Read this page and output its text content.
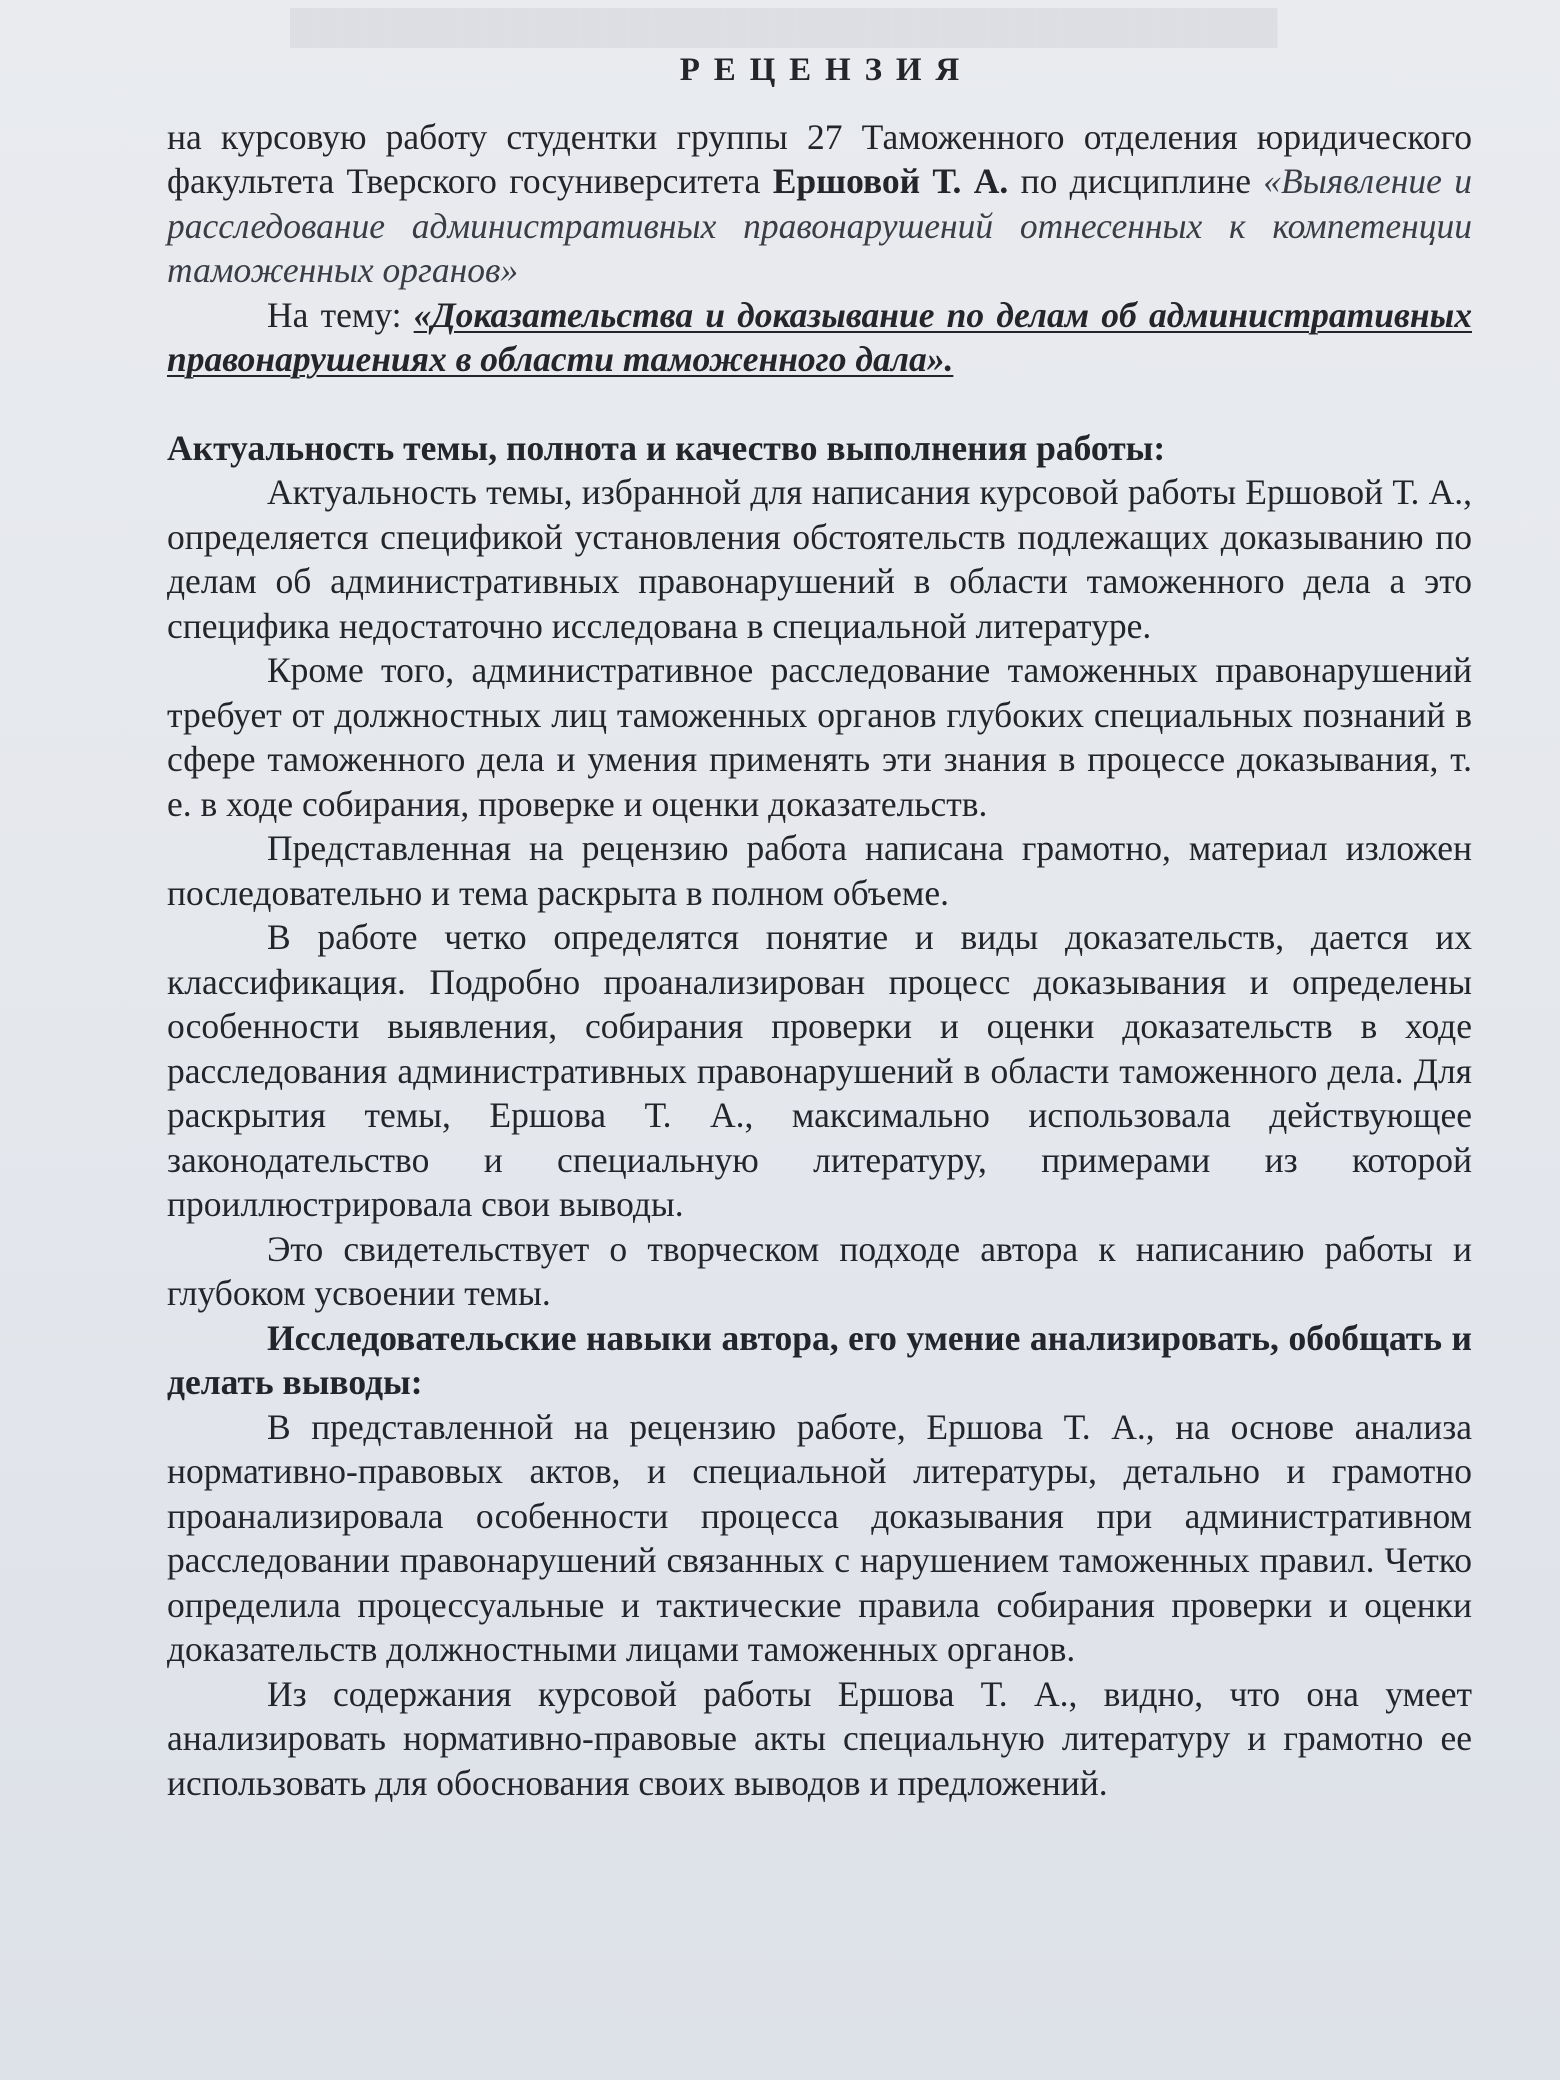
█████████████████████████████████████████
РЕЦЕНЗИЯ

на курсовую работу студентки группы 27 Таможенного отделения юридического факультета Тверского госуниверситета Ершовой Т. А. по дисциплине «Выявление и расследование административных правонарушений отнесенных к компетенции таможенных органов»

На тему: «Доказательства и доказывание по делам об административных правонарушениях в области таможенного дала».

Актуальность темы, полнота и качество выполнения работы:

Актуальность темы, избранной для написания курсовой работы Ершовой Т. А., определяется спецификой установления обстоятельств подлежащих доказыванию по делам об административных правонарушений в области таможенного дела а это специфика недостаточно исследована в специальной литературе.

Кроме того, административное расследование таможенных правонарушений требует от должностных лиц таможенных органов глубоких специальных познаний в сфере таможенного дела и умения применять эти знания в процессе доказывания, т. е. в ходе собирания, проверке и оценки доказательств.

Представленная на рецензию работа написана грамотно, материал изложен последовательно и тема раскрыта в полном объеме.

В работе четко определятся понятие и виды доказательств, дается их классификация. Подробно проанализирован процесс доказывания и определены особенности выявления, собирания проверки и оценки доказательств в ходе расследования административных правонарушений в области таможенного дела. Для раскрытия темы, Ершова Т. А., максимально использовала действующее законодательство и специальную литературу, примерами из которой проиллюстрировала свои выводы.

Это свидетельствует о творческом подходе автора к написанию работы и глубоком усвоении темы.

Исследовательские навыки автора, его умение анализировать, обобщать и делать выводы:

В представленной на рецензию работе, Ершова Т. А., на основе анализа нормативно-правовых актов, и специальной литературы, детально и грамотно проанализировала особенности процесса доказывания при административном расследовании правонарушений связанных с нарушением таможенных правил. Четко определила процессуальные и тактические правила собирания проверки и оценки доказательств должностными лицами таможенных органов.

Из содержания курсовой работы Ершова Т. А., видно, что она умеет анализировать нормативно-правовые акты специальную литературу и грамотно ее использовать для обоснования своих выводов и предложений.
